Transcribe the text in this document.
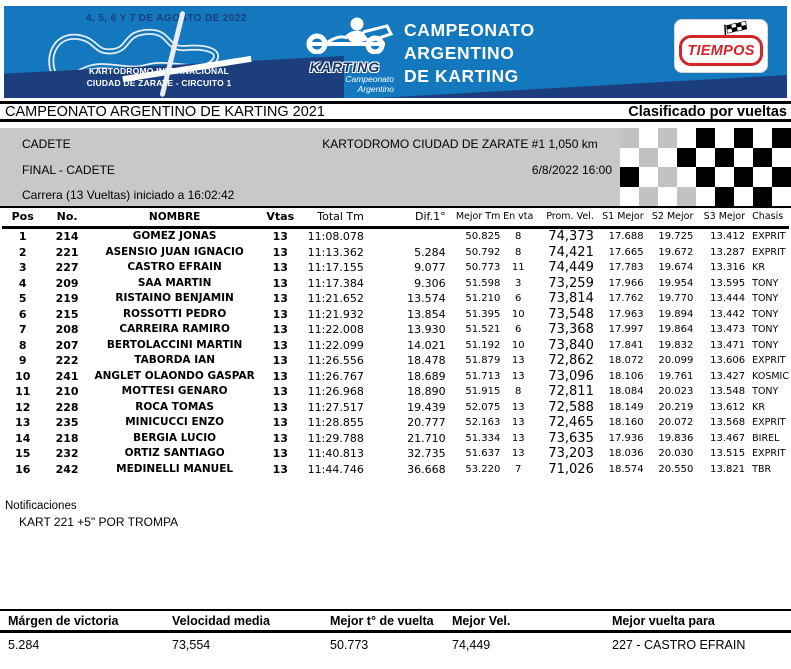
4, 5, 6 Y 7 DE AGOSTO DE 2022
KARTODROMO INTERNACIONAL
CIUDAD DE ZARATE - CIRCUITO 1
KARTING
Campeonato
Argentino
CAMPEONATO
ARGENTINO
DE KARTING
TIEMPOS
CAMPEONATO ARGENTINO DE KARTING 2021	Clasificado por vueltas
CADETE	KARTODROMO CIUDAD DE ZARATE #1 1,050 km
FINAL - CADETE	6/8/2022 16:00
Carrera (13 Vueltas) iniciado a 16:02:42
Pos	No.	NOMBRE	Vtas	Total Tm	Dif.1°	Mejor Tm	En vta	Prom. Vel.	S1 Mejor	S2 Mejor	S3 Mejor	Chasis
1	214	GOMEZ JONAS	13	11:08.078		50.825	8	74,373	17.688	19.725	13.412	EXPRIT
2	221	ASENSIO JUAN IGNACIO	13	11:13.362	5.284	50.792	8	74,421	17.665	19.672	13.287	EXPRIT
3	227	CASTRO EFRAIN	13	11:17.155	9.077	50.773	11	74,449	17.783	19.674	13.316	KR
4	209	SAA MARTIN	13	11:17.384	9.306	51.598	3	73,259	17.966	19.954	13.595	TONY
5	219	RISTAINO BENJAMIN	13	11:21.652	13.574	51.210	6	73,814	17.762	19.770	13.444	TONY
6	215	ROSSOTTI PEDRO	13	11:21.932	13.854	51.395	10	73,548	17.963	19.894	13.442	TONY
7	208	CARREIRA RAMIRO	13	11:22.008	13.930	51.521	6	73,368	17.997	19.864	13.473	TONY
8	207	BERTOLACCINI MARTIN	13	11:22.099	14.021	51.192	10	73,840	17.841	19.832	13.471	TONY
9	222	TABORDA IAN	13	11:26.556	18.478	51.879	13	72,862	18.072	20.099	13.606	EXPRIT
10	241	ANGLET OLAONDO GASPAR	13	11:26.767	18.689	51.713	13	73,096	18.106	19.761	13.427	KOSMIC
11	210	MOTTESI GENARO	13	11:26.968	18.890	51.915	8	72,811	18.084	20.023	13.548	TONY
12	228	ROCA TOMAS	13	11:27.517	19.439	52.075	13	72,588	18.149	20.219	13.612	KR
13	235	MINICUCCI ENZO	13	11:28.855	20.777	52.163	13	72,465	18.160	20.072	13.568	EXPRIT
14	218	BERGIA LUCIO	13	11:29.788	21.710	51.334	13	73,635	17.936	19.836	13.467	BIREL
15	232	ORTIZ SANTIAGO	13	11:40.813	32.735	51.637	13	73,203	18.036	20.030	13.515	EXPRIT
16	242	MEDINELLI MANUEL	13	11:44.746	36.668	53.220	7	71,026	18.574	20.550	13.821	TBR
Notificaciones
KART 221 +5" POR TROMPA
Márgen de victoria	Velocidad media	Mejor t° de vuelta	Mejor Vel.	Mejor vuelta para
5.284	73,554	50.773	74,449	227 - CASTRO EFRAIN
